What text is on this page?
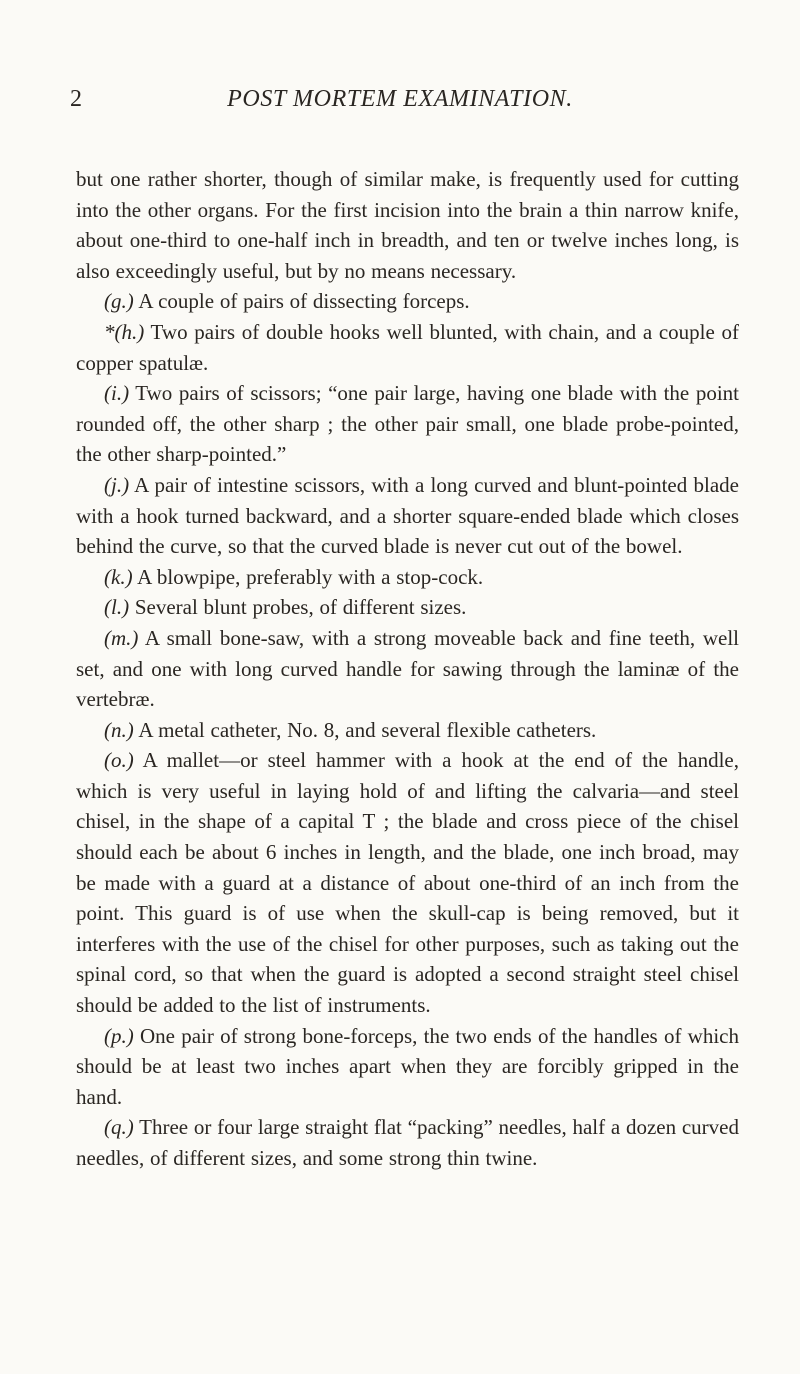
2	POST MORTEM EXAMINATION.

but one rather shorter, though of similar make, is frequently used for cutting into the other organs. For the first incision into the brain a thin narrow knife, about one-third to one-half inch in breadth, and ten or twelve inches long, is also exceedingly useful, but by no means necessary.

(g.) A couple of pairs of dissecting forceps.

*(h.) Two pairs of double hooks well blunted, with chain, and a couple of copper spatulæ.

(i.) Two pairs of scissors; “one pair large, having one blade with the point rounded off, the other sharp ; the other pair small, one blade probe-pointed, the other sharp-pointed.”

(j.) A pair of intestine scissors, with a long curved and blunt-pointed blade with a hook turned backward, and a shorter square-ended blade which closes behind the curve, so that the curved blade is never cut out of the bowel.

(k.) A blowpipe, preferably with a stop-cock.

(l.) Several blunt probes, of different sizes.

(m.) A small bone-saw, with a strong moveable back and fine teeth, well set, and one with long curved handle for sawing through the laminæ of the vertebræ.

(n.) A metal catheter, No. 8, and several flexible catheters.

(o.) A mallet—or steel hammer with a hook at the end of the handle, which is very useful in laying hold of and lifting the calvaria—and steel chisel, in the shape of a capital T ; the blade and cross piece of the chisel should each be about 6 inches in length, and the blade, one inch broad, may be made with a guard at a distance of about one-third of an inch from the point. This guard is of use when the skull-cap is being removed, but it interferes with the use of the chisel for other purposes, such as taking out the spinal cord, so that when the guard is adopted a second straight steel chisel should be added to the list of instruments.

(p.) One pair of strong bone-forceps, the two ends of the handles of which should be at least two inches apart when they are forcibly gripped in the hand.

(q.) Three or four large straight flat “packing” needles, half a dozen curved needles, of different sizes, and some strong thin twine.
